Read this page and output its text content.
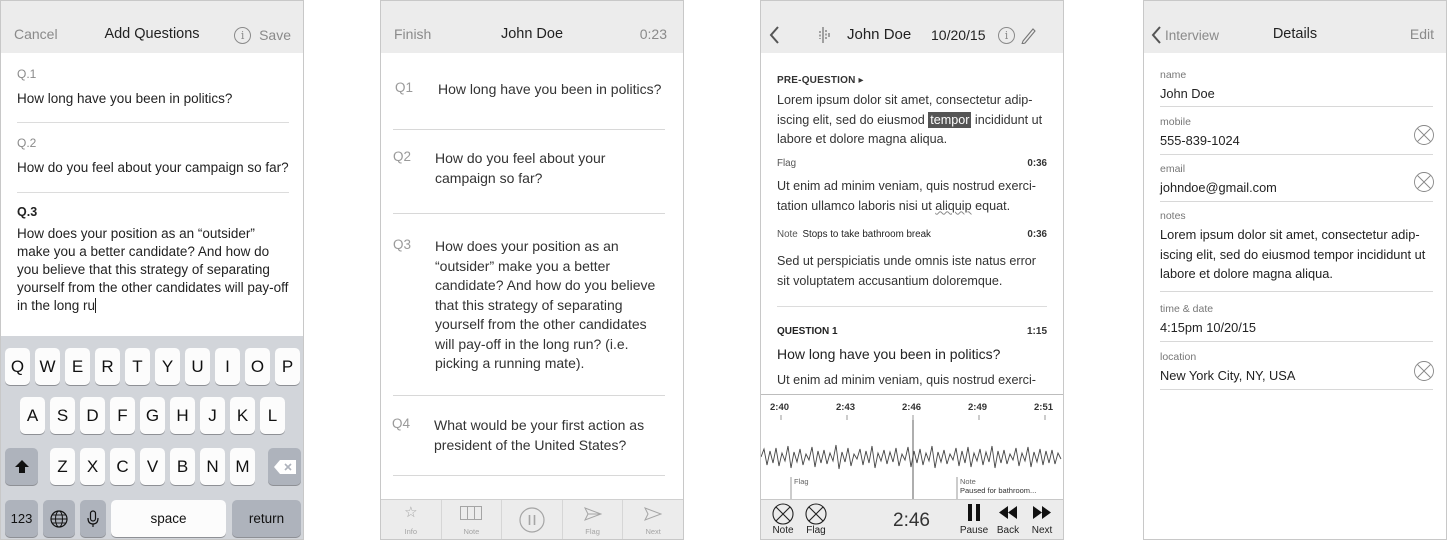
Add Questions
Cancel	i	Save
Q.1
How long have you been in politics?
Q.2
How do you feel about your campaign so far?
Q.3
How does your position as an “outsider” make you a better candidate? And how do you believe that this strategy of separating yourself from the other candidates will pay-off in the long ru
Q W E	R	T	Y	U	I	O	P
A	S	D	F	G	H	J	K	L
Z	X	C	V	B	N M
123	space	return
John Doe
Finish	0:23
Q1 How long have you been in politics?
Q2 How do you feel about your campaign so far?
Q3 How does your position as an “outsider” make you a better candidate? And how do you believe that this strategy of separating yourself from the other candidates will pay-off in the long run? (i.e. picking a running mate).
Q4 What would be your first action as president of the United States?
☆
Info	Note	Flag	Next
John Doe 10/20/15	i
PRE-QUESTION ▸
Lorem ipsum dolor sit amet, consectetur adip-iscing elit, sed do eiusmod tempor incididunt ut labore et dolore magna aliqua.
Flag	0:36
Ut enim ad minim veniam, quis nostrud exerci-tation ullamco laboris nisi ut aliquip equat.
Note Stops to take bathroom break	0:36
Sed ut perspiciatis unde omnis iste natus error sit voluptatem accusantium doloremque.
QUESTION 1	1:15
How long have you been in politics?
Ut enim ad minim veniam, quis nostrud exerci-
2:40	2:43	2:46	2:49	2:51
Flag	Note
Paused for bathroom...
Note	Flag	2:46	Pause Back Next
Details
Interview	Edit
name
John Doe
mobile
555-839-1024
email
johndoe@gmail.com
notes
Lorem ipsum dolor sit amet, consectetur adip-iscing elit, sed do eiusmod tempor incididunt ut labore et dolore magna aliqua.
time & date
4:15pm 10/20/15
location
New York City, NY, USA
